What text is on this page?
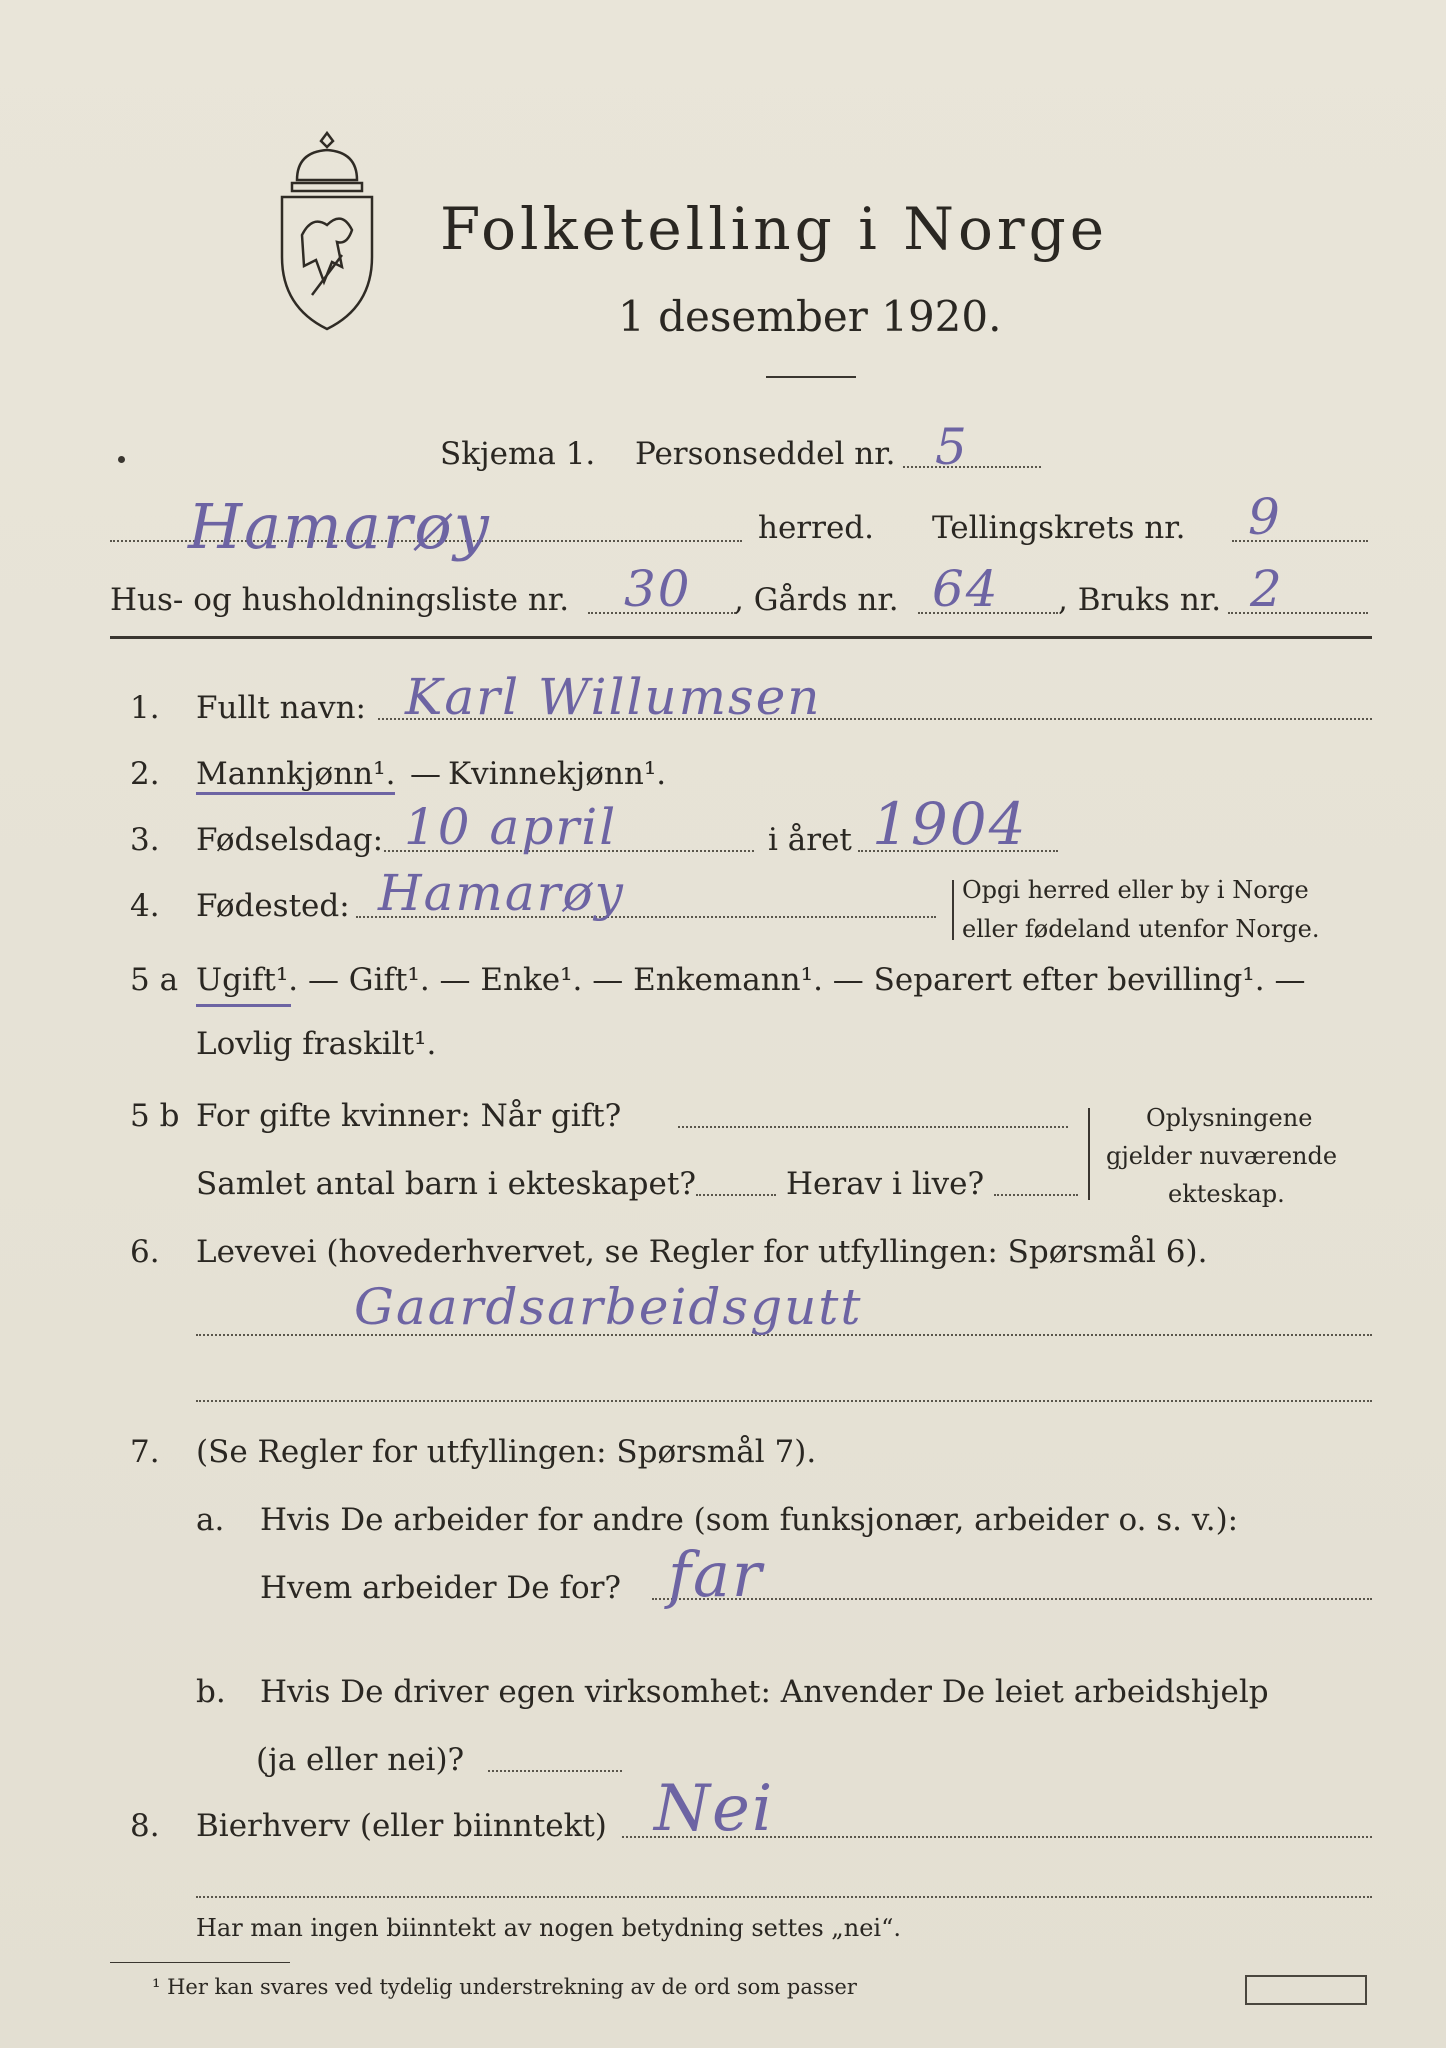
Folketelling i Norge
1 desember 1920.
Skjema 1. Personseddel nr. 5
Hamarøy	herred. Tellingskrets nr. 9
Hus- og husholdningsliste nr. 30 , Gårds nr. 64 , Bruks nr. 2
1. Fullt navn: Karl Willumsen
2. Mannkjønn¹. — Kvinnekjønn¹.
3. Fødselsdag: 10 april	i året 1904
4. Fødested: Hamarøy	Opgi herred eller by i Norge
eller fødeland utenfor Norge.
5 a Ugift¹. — Gift¹. — Enke¹. — Enkemann¹. — Separert efter bevilling¹. —
Lovlig fraskilt¹.
5 b For gifte kvinner: Når gift?
Samlet antal barn i ekteskapet?	Herav i live?
Oplysningene
gjelder nuværende
ekteskap.
6. Levevei (hovederhvervet, se Regler for utfyllingen: Spørsmål 6).
Gaardsarbeidsgutt
7. (Se Regler for utfyllingen: Spørsmål 7).
a. Hvis De arbeider for andre (som funksjonær, arbeider o. s. v.):
Hvem arbeider De for? far
b. Hvis De driver egen virksomhet: Anvender De leiet arbeidshjelp
(ja eller nei)?
8. Bierhverv (eller biinntekt) Nei
Har man ingen biinntekt av nogen betydning settes „nei“.
¹ Her kan svares ved tydelig understrekning av de ord som passer
